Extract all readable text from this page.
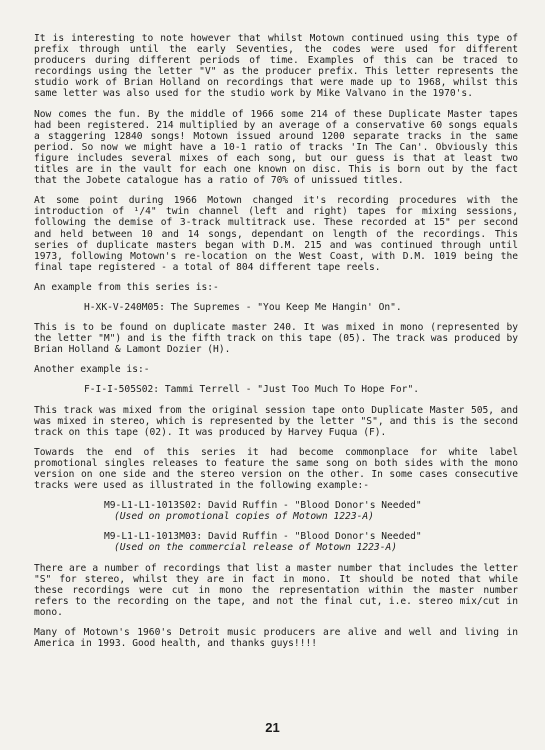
It is interesting to note however that whilst Motown continued using this type of prefix through until the early Seventies, the codes were used for different producers during different periods of time. Examples of this can be traced to recordings using the letter "V" as the producer prefix. This letter represents the studio work of Brian Holland on recordings that were made up to 1968, whilst this same letter was also used for the studio work by Mike Valvano in the 1970's.

Now comes the fun. By the middle of 1966 some 214 of these Duplicate Master tapes had been registered. 214 multiplied by an average of a conservative 60 songs equals a staggering 12840 songs! Motown issued around 1200 separate tracks in the same period. So now we might have a 10-1 ratio of tracks 'In The Can'. Obviously this figure includes several mixes of each song, but our guess is that at least two titles are in the vault for each one known on disc. This is born out by the fact that the Jobete catalogue has a ratio of 70% of unissued titles.

At some point during 1966 Motown changed it's recording procedures with the introduction of ¹/4" twin channel (left and right) tapes for mixing sessions, following the demise of 3-track multitrack use. These recorded at 15" per second and held between 10 and 14 songs, dependant on length of the recordings. This series of duplicate masters began with D.M. 215 and was continued through until 1973, following Motown's re-location on the West Coast, with D.M. 1019 being the final tape registered - a total of 804 different tape reels.

An example from this series is:-

H-XK-V-240M05: The Supremes - "You Keep Me Hangin' On".

This is to be found on duplicate master 240. It was mixed in mono (represented by the letter "M") and is the fifth track on this tape (05). The track was produced by Brian Holland & Lamont Dozier (H).

Another example is:-

F-I-I-505S02: Tammi Terrell - "Just Too Much To Hope For".

This track was mixed from the original session tape onto Duplicate Master 505, and was mixed in stereo, which is represented by the letter "S", and this is the second track on this tape (02). It was produced by Harvey Fuqua (F).

Towards the end of this series it had become commonplace for white label promotional singles releases to feature the same song on both sides with the mono version on one side and the stereo version on the other. In some cases consecutive tracks were used as illustrated in the following example:-

M9-L1-L1-1013S02: David Ruffin - "Blood Donor's Needed"
(Used on promotional copies of Motown 1223-A)
M9-L1-L1-1013M03: David Ruffin - "Blood Donor's Needed"
(Used on the commercial release of Motown 1223-A)

There are a number of recordings that list a master number that includes the letter "S" for stereo, whilst they are in fact in mono. It should be noted that while these recordings were cut in mono the representation within the master number refers to the recording on the tape, and not the final cut, i.e. stereo mix/cut in mono.

Many of Motown's 1960's Detroit music producers are alive and well and living in America in 1993. Good health, and thanks guys!!!!

21
